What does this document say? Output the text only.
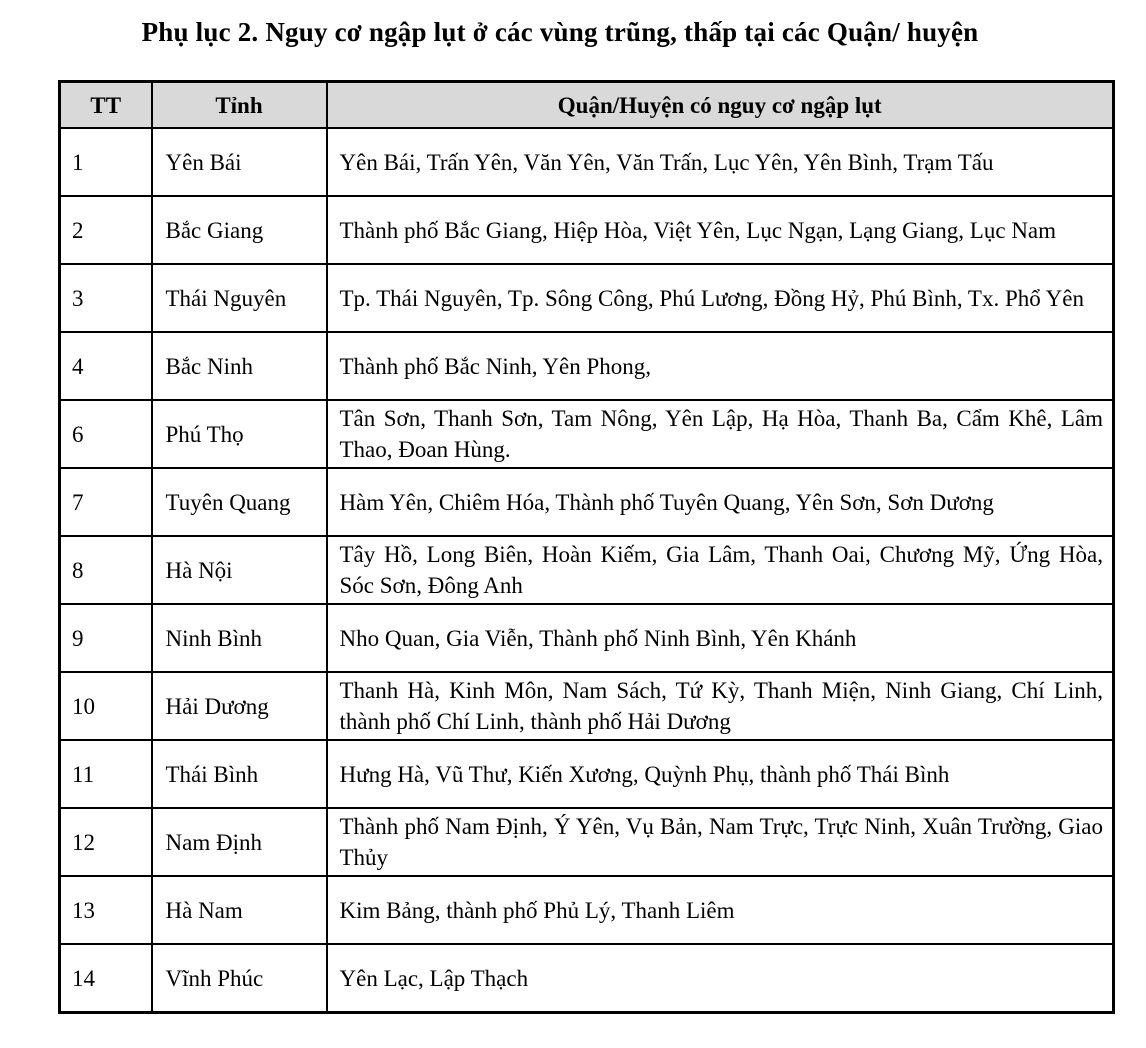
Phụ lục 2. Nguy cơ ngập lụt ở các vùng trũng, thấp tại các Quận/ huyện
TT	Tỉnh	Quận/Huyện có nguy cơ ngập lụt
1	Yên Bái	Yên Bái, Trấn Yên, Văn Yên, Văn Trấn, Lục Yên, Yên Bình, Trạm Tấu
2	Bắc Giang	Thành phố Bắc Giang, Hiệp Hòa, Việt Yên, Lục Ngạn, Lạng Giang, Lục Nam
3	Thái Nguyên	Tp. Thái Nguyên, Tp. Sông Công, Phú Lương, Đồng Hỷ, Phú Bình, Tx. Phổ Yên
4	Bắc Ninh	Thành phố Bắc Ninh, Yên Phong,
6	Phú Thọ	Tân Sơn, Thanh Sơn, Tam Nông, Yên Lập, Hạ Hòa, Thanh Ba, Cẩm Khê, Lâm Thao, Đoan Hùng.
7	Tuyên Quang	Hàm Yên, Chiêm Hóa, Thành phố Tuyên Quang, Yên Sơn, Sơn Dương
8	Hà Nội	Tây Hồ, Long Biên, Hoàn Kiếm, Gia Lâm, Thanh Oai, Chương Mỹ, Ứng Hòa, Sóc Sơn, Đông Anh
9	Ninh Bình	Nho Quan, Gia Viễn, Thành phố Ninh Bình, Yên Khánh
10	Hải Dương	Thanh Hà, Kinh Môn, Nam Sách, Tứ Kỳ, Thanh Miện, Ninh Giang, Chí Linh, thành phố Chí Linh, thành phố Hải Dương
11	Thái Bình	Hưng Hà, Vũ Thư, Kiến Xương, Quỳnh Phụ, thành phố Thái Bình
12	Nam Định	Thành phố Nam Định, Ý Yên, Vụ Bản, Nam Trực, Trực Ninh, Xuân Trường, Giao Thủy
13	Hà Nam	Kim Bảng, thành phố Phủ Lý, Thanh Liêm
14	Vĩnh Phúc	Yên Lạc, Lập Thạch
